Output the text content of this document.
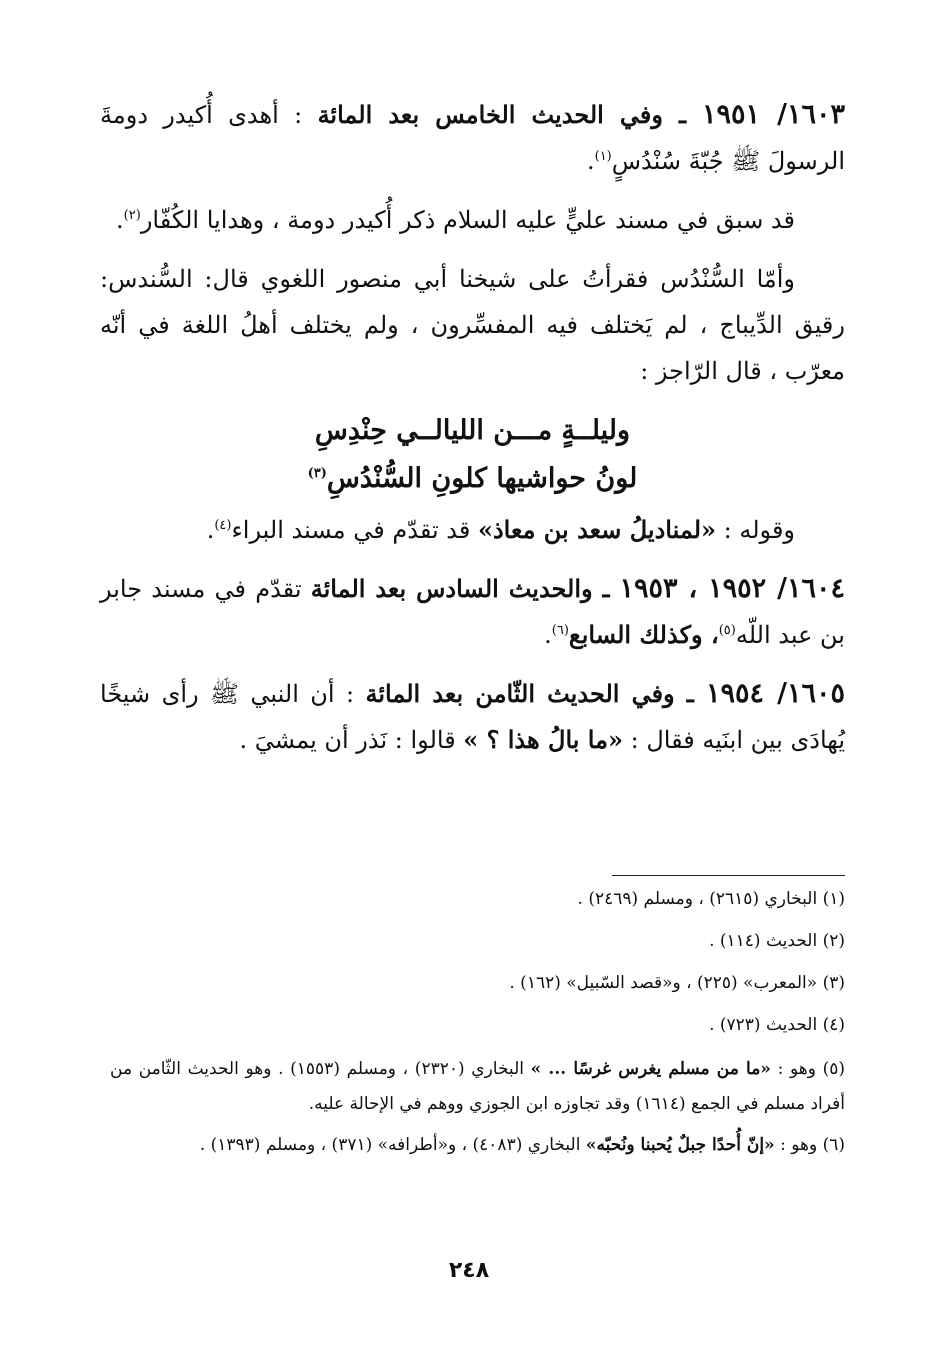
١٦٠٣/ ١٩٥١ ـ وفي الحديث الخامس بعد المائة : أهدى أُكيدر دومةَ الرسولَ ﷺ جُبّةَ سُنْدُسٍ$^{(١)}$.

قد سبق في مسند عليٍّ عليه السلام ذكر أُكيدر دومة ، وهدايا الكُفّار$^{(٢)}$.

وأمّا السُّنْدُس فقرأتُ على شيخنا أبي منصور اللغوي قال: السُّندس: رقيق الدِّيباج ، لم يَختلف فيه المفسِّرون ، ولم يختلف أهلُ اللغة في أنّه معرّب ، قال الرّاجز :

وليلــةٍ مـــن الليالــي حِنْدِسِ

لونُ حواشيها كلونِ السُّنْدُسِ$^{(٣)}$

وقوله : «لمناديلُ سعد بن معاذ» قد تقدّم في مسند البراء$^{(٤)}$.

١٦٠٤/ ١٩٥٢ ، ١٩٥٣ ـ والحديث السادس بعد المائة تقدّم في مسند جابر بن عبد اللّه$^{(٥)}$، وكذلك السابع$^{(٦)}$.

١٦٠٥/ ١٩٥٤ ـ وفي الحديث الثّامن بعد المائة : أن النبي ﷺ رأى شيخًا يُهادَى بين ابنَيه فقال : «ما بالُ هذا ؟ » قالوا : نَذر أن يمشيَ .

(١) البخاري (٢٦١٥) ، ومسلم (٢٤٦٩) .

(٢) الحديث (١١٤) .

(٣) «المعرب» (٢٢٥) ، و«قصد السّبيل» (١٦٢) .

(٤) الحديث (٧٢٣) .

(٥) وهو : «ما من مسلم يغرس غرسًا ... » البخاري (٢٣٢٠) ، ومسلم (١٥٥٣) . وهو الحديث الثّامن من أفراد مسلم في الجمع (١٦١٤) وقد تجاوزه ابن الجوزي ووهم في الإحالة عليه.

(٦) وهو : «إنّ أُحدًا جبلٌ يُحبنا ونُحبّه» البخاري (٤٠٨٣) ، و«أطرافه» (٣٧١) ، ومسلم (١٣٩٣) .

٢٤٨
